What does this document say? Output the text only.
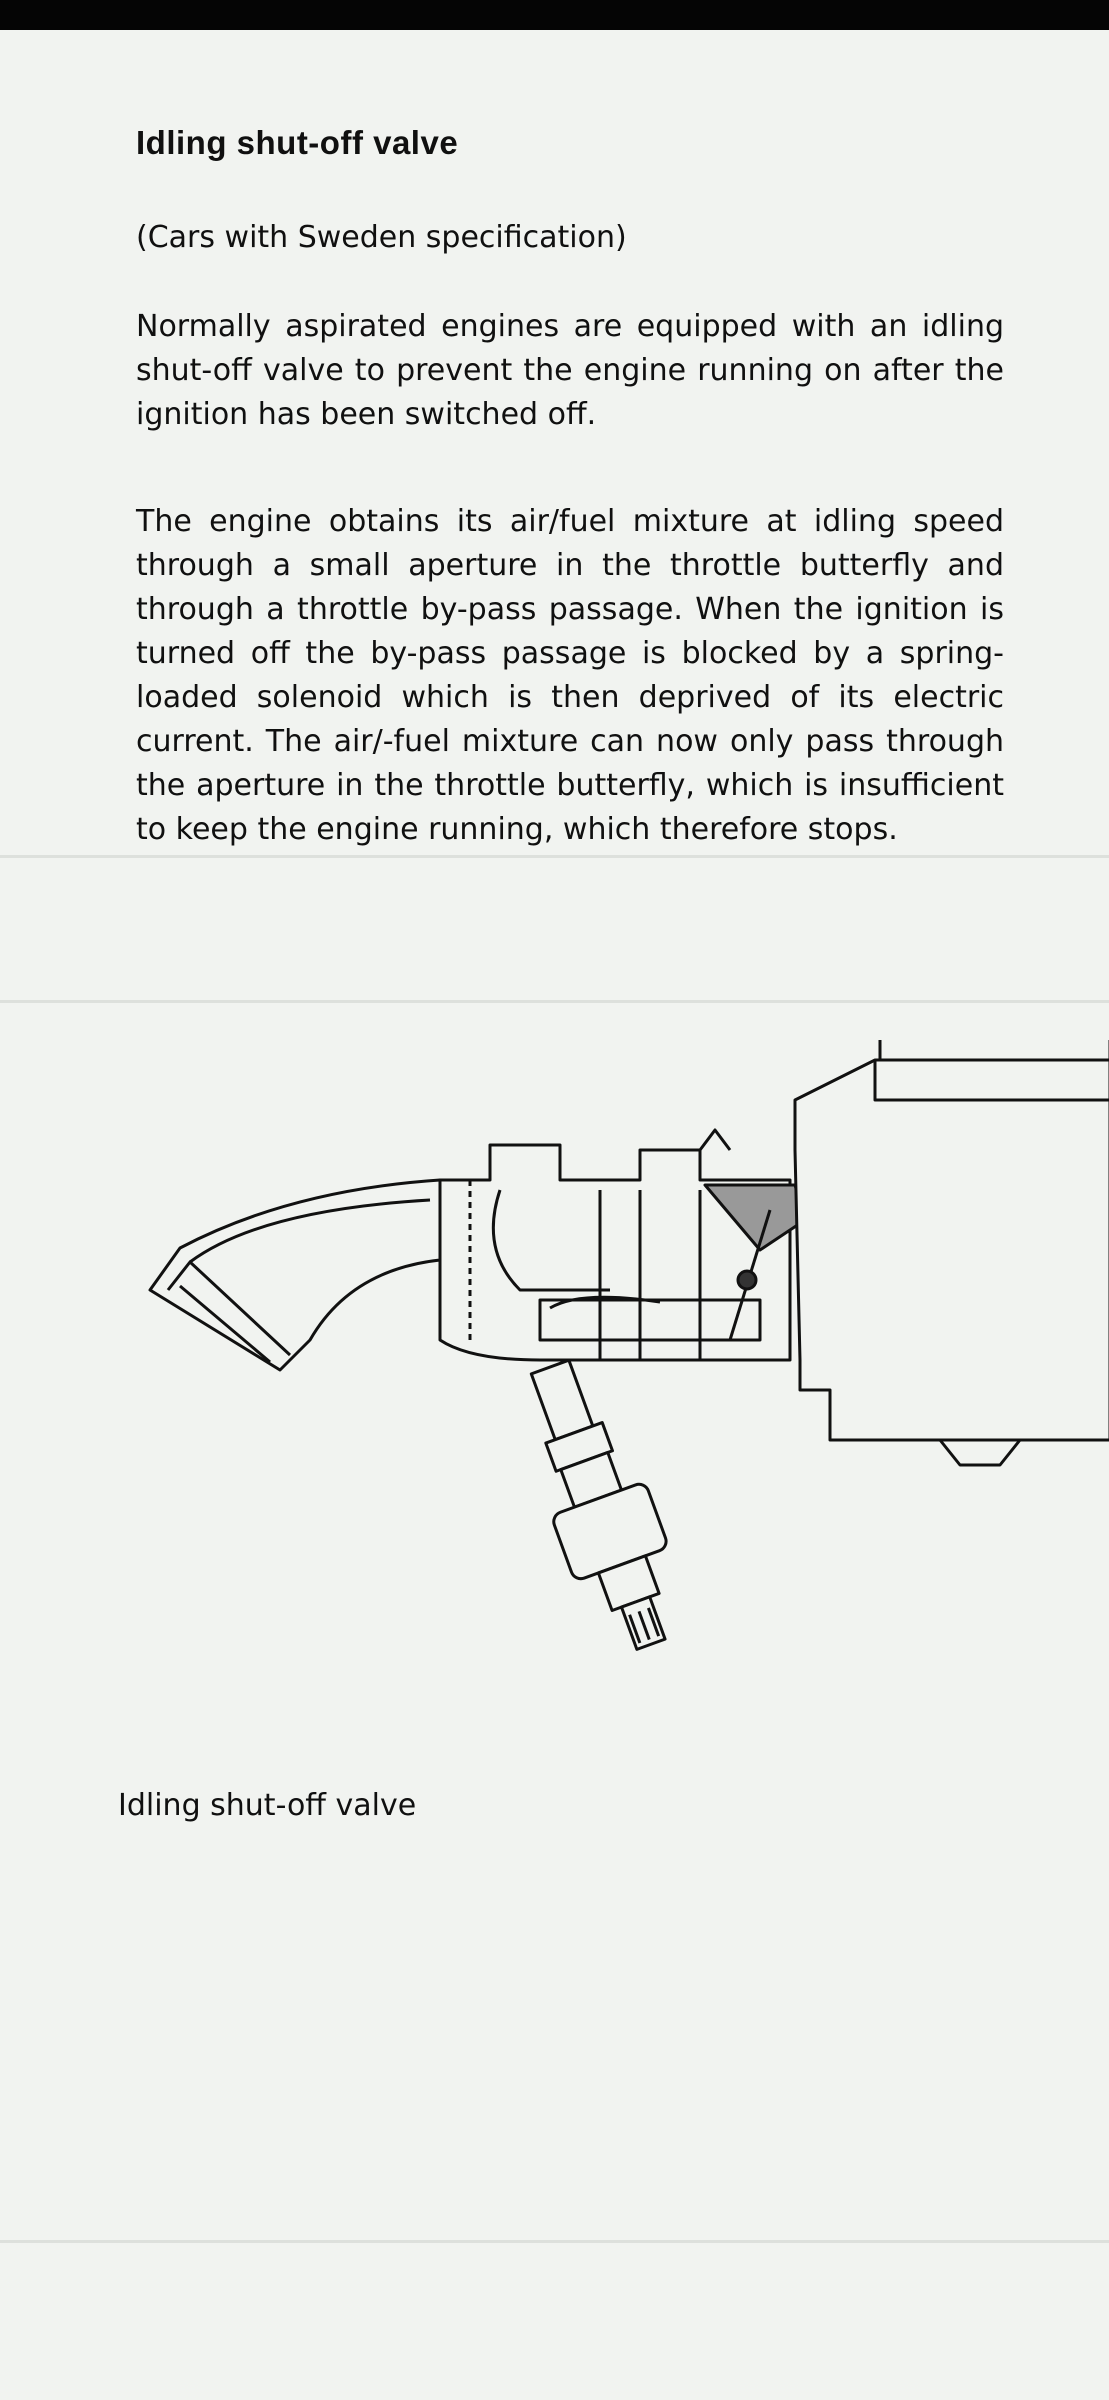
Idling shut-off valve
(Cars with Sweden specification)

Normally aspirated engines are equipped with an idling shut-off valve to prevent the engine running on after the ignition has been switched off.

The engine obtains its air/fuel mixture at idling speed through a small aperture in the throttle butterfly and through a throttle by-pass passage. When the ignition is turned off the by-pass passage is blocked by a spring-loaded solenoid which is then deprived of its electric current. The air/-fuel mixture can now only pass through the aperture in the throttle butterfly, which is insufficient to keep the engine running, which therefore stops.

Idling shut-off valve
